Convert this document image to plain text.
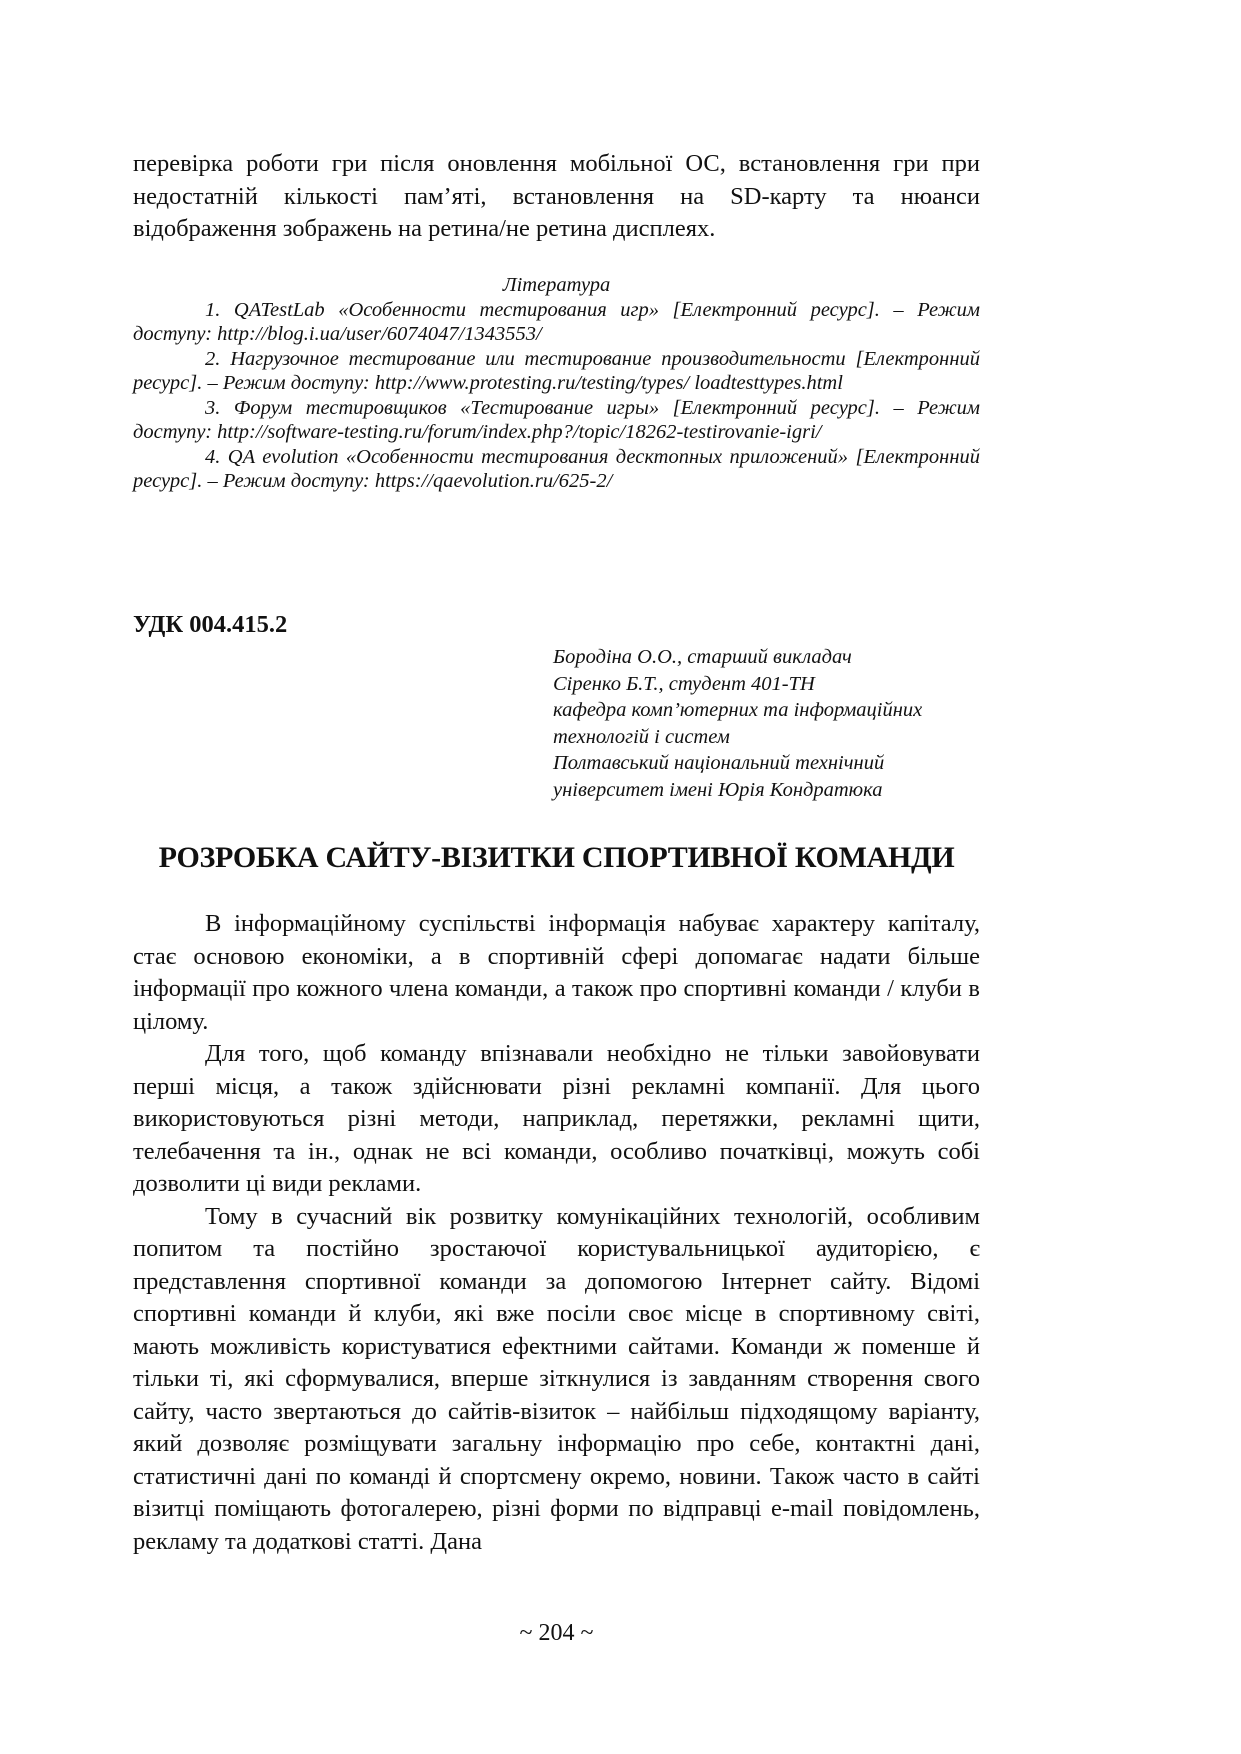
перевірка роботи гри після оновлення мобільної ОС, встановлення гри при недостатній кількості пам’яті, встановлення на SD-карту та нюанси відображення зображень на ретина/не ретина дисплеях.

Література

1. QATestLab «Особенности тестирования игр» [Електронний ресурс]. – Режим доступу: http://blog.i.ua/user/6074047/1343553/

2. Нагрузочное тестирование или тестирование производительности [Електронний ресурс]. – Режим доступу: http://www.protesting.ru/testing/types/ loadtesttypes.html

3. Форум тестировщиков «Тестирование игры» [Електронний ресурс]. – Режим доступу: http://software-testing.ru/forum/index.php?/topic/18262-testirovanie-igri/

4. QA evolution «Особенности тестирования десктопных приложений» [Електронний ресурс]. – Режим доступу: https://qaevolution.ru/625-2/

УДК 004.415.2

Бородіна О.О., старший викладач
Сіренко Б.Т., студент 401-ТН
кафедра комп’ютерних та інформаційних
технологій і систем
Полтавський національний технічний
університет імені Юрія Кондратюка
РОЗРОБКА САЙТУ-ВІЗИТКИ СПОРТИВНОЇ КОМАНДИ

В інформаційному суспільстві інформація набуває характеру капіталу, стає основою економіки, а в спортивній сфері допомагає надати більше інформації про кожного члена команди, а також про спортивні команди / клуби в цілому.

Для того, щоб команду впізнавали необхідно не тільки завойовувати перші місця, а також здійснювати різні рекламні компанії. Для цього використовуються різні методи, наприклад, перетяжки, рекламні щити, телебачення та ін., однак не всі команди, особливо початківці, можуть собі дозволити ці види реклами.

Тому в сучасний вік розвитку комунікаційних технологій, особливим попитом та постійно зростаючої користувальницької аудиторією, є представлення спортивної команди за допомогою Інтернет сайту. Відомі спортивні команди й клуби, які вже посіли своє місце в спортивному світі, мають можливість користуватися ефектними сайтами. Команди ж поменше й тільки ті, які сформувалися, вперше зіткнулися із завданням створення свого сайту, часто звертаються до сайтів-візиток – найбільш підходящому варіанту, який дозволяє розміщувати загальну інформацію про себе, контактні дані, статистичні дані по команді й спортсмену окремо, новини. Також часто в сайті візитці поміщають фотогалерею, різні форми по відправці e-mail повідомлень, рекламу та додаткові статті. Дана

~ 204 ~
